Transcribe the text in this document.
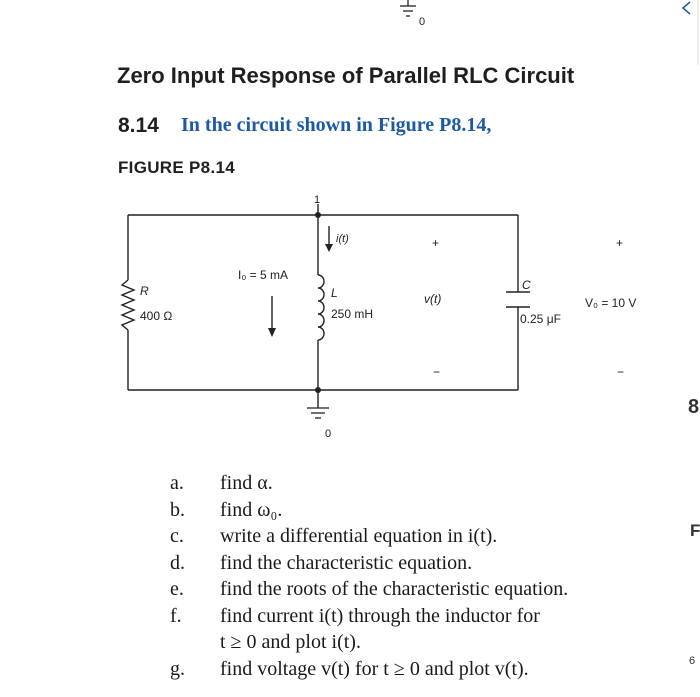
Zero Input Response of Parallel RLC Circuit
8.14 In the circuit shown in Figure P8.14,
FIGURE P8.14
0
1
R
400 Ω
I₀ = 5 mA
i(t)
L
250 mH
+
v(t)
−
C
0.25 μF
+
V₀ = 10 V
−
0
a.	find α.
b.	find ω₀.
c.	write a differential equation in i(t).
d.	find the characteristic equation.
e.	find the roots of the characteristic equation.
f.	find current i(t) through the inductor for
t ≥ 0 and plot i(t).
g.	find voltage v(t) for t ≥ 0 and plot v(t).
8
F
6
